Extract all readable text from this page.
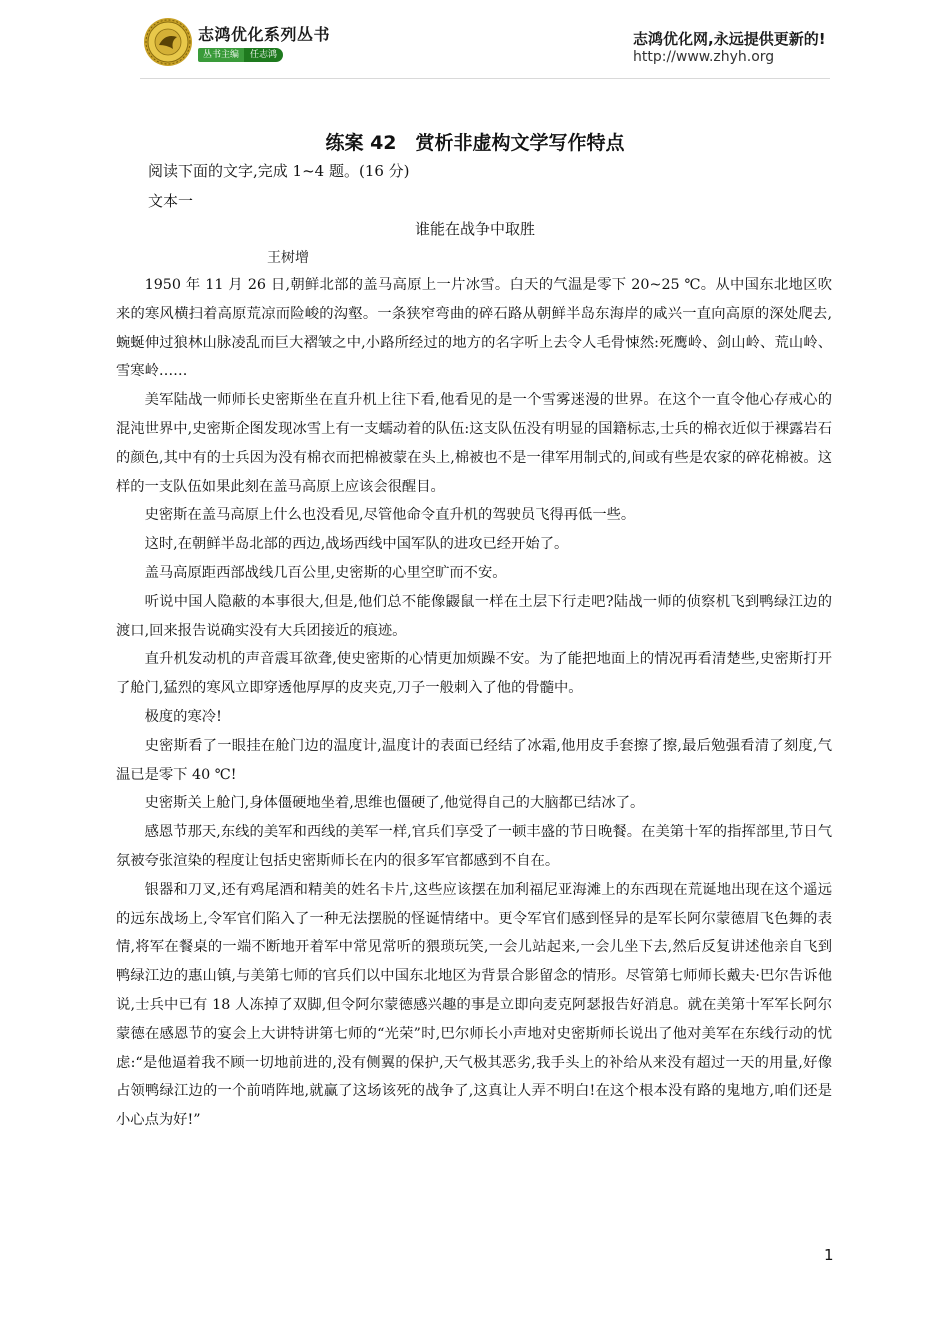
志鸿优化系列丛书
丛书主编	任志鸿
志鸿优化网,永远提供更新的!
http://www.zhyh.org
练案 42　赏析非虚构文学写作特点
阅读下面的文字,完成 1~4 题。(16 分)
文本一
谁能在战争中取胜
王树增

1950 年 11 月 26 日,朝鲜北部的盖马高原上一片冰雪。白天的气温是零下 20~25 ℃。从中国东北地区吹来的寒风横扫着高原荒凉而险峻的沟壑。一条狭窄弯曲的碎石路从朝鲜半岛东海岸的咸兴一直向高原的深处爬去,蜿蜒伸过狼林山脉凌乱而巨大褶皱之中,小路所经过的地方的名字听上去令人毛骨悚然:死鹰岭、剑山岭、荒山岭、雪寒岭……

美军陆战一师师长史密斯坐在直升机上往下看,他看见的是一个雪雾迷漫的世界。在这个一直令他心存戒心的混沌世界中,史密斯企图发现冰雪上有一支蠕动着的队伍:这支队伍没有明显的国籍标志,士兵的棉衣近似于裸露岩石的颜色,其中有的士兵因为没有棉衣而把棉被蒙在头上,棉被也不是一律军用制式的,间或有些是农家的碎花棉被。这样的一支队伍如果此刻在盖马高原上应该会很醒目。

史密斯在盖马高原上什么也没看见,尽管他命令直升机的驾驶员飞得再低一些。

这时,在朝鲜半岛北部的西边,战场西线中国军队的进攻已经开始了。

盖马高原距西部战线几百公里,史密斯的心里空旷而不安。

听说中国人隐蔽的本事很大,但是,他们总不能像鼹鼠一样在土层下行走吧?陆战一师的侦察机飞到鸭绿江边的渡口,回来报告说确实没有大兵团接近的痕迹。

直升机发动机的声音震耳欲聋,使史密斯的心情更加烦躁不安。为了能把地面上的情况再看清楚些,史密斯打开了舱门,猛烈的寒风立即穿透他厚厚的皮夹克,刀子一般刺入了他的骨髓中。

极度的寒冷!

史密斯看了一眼挂在舱门边的温度计,温度计的表面已经结了冰霜,他用皮手套擦了擦,最后勉强看清了刻度,气温已是零下 40 ℃!

史密斯关上舱门,身体僵硬地坐着,思维也僵硬了,他觉得自己的大脑都已结冰了。

感恩节那天,东线的美军和西线的美军一样,官兵们享受了一顿丰盛的节日晚餐。在美第十军的指挥部里,节日气氛被夸张渲染的程度让包括史密斯师长在内的很多军官都感到不自在。

银器和刀叉,还有鸡尾酒和精美的姓名卡片,这些应该摆在加利福尼亚海滩上的东西现在荒诞地出现在这个遥远的远东战场上,令军官们陷入了一种无法摆脱的怪诞情绪中。更令军官们感到怪异的是军长阿尔蒙德眉飞色舞的表情,将军在餐桌的一端不断地开着军中常见常听的猥琐玩笑,一会儿站起来,一会儿坐下去,然后反复讲述他亲自飞到鸭绿江边的惠山镇,与美第七师的官兵们以中国东北地区为背景合影留念的情形。尽管第七师师长戴夫·巴尔告诉他说,士兵中已有 18 人冻掉了双脚,但令阿尔蒙德感兴趣的事是立即向麦克阿瑟报告好消息。就在美第十军军长阿尔蒙德在感恩节的宴会上大讲特讲第七师的“光荣”时,巴尔师长小声地对史密斯师长说出了他对美军在东线行动的忧虑:“是他逼着我不顾一切地前进的,没有侧翼的保护,天气极其恶劣,我手头上的补给从来没有超过一天的用量,好像占领鸭绿江边的一个前哨阵地,就赢了这场该死的战争了,这真让人弄不明白!在这个根本没有路的鬼地方,咱们还是小心点为好!”

1
